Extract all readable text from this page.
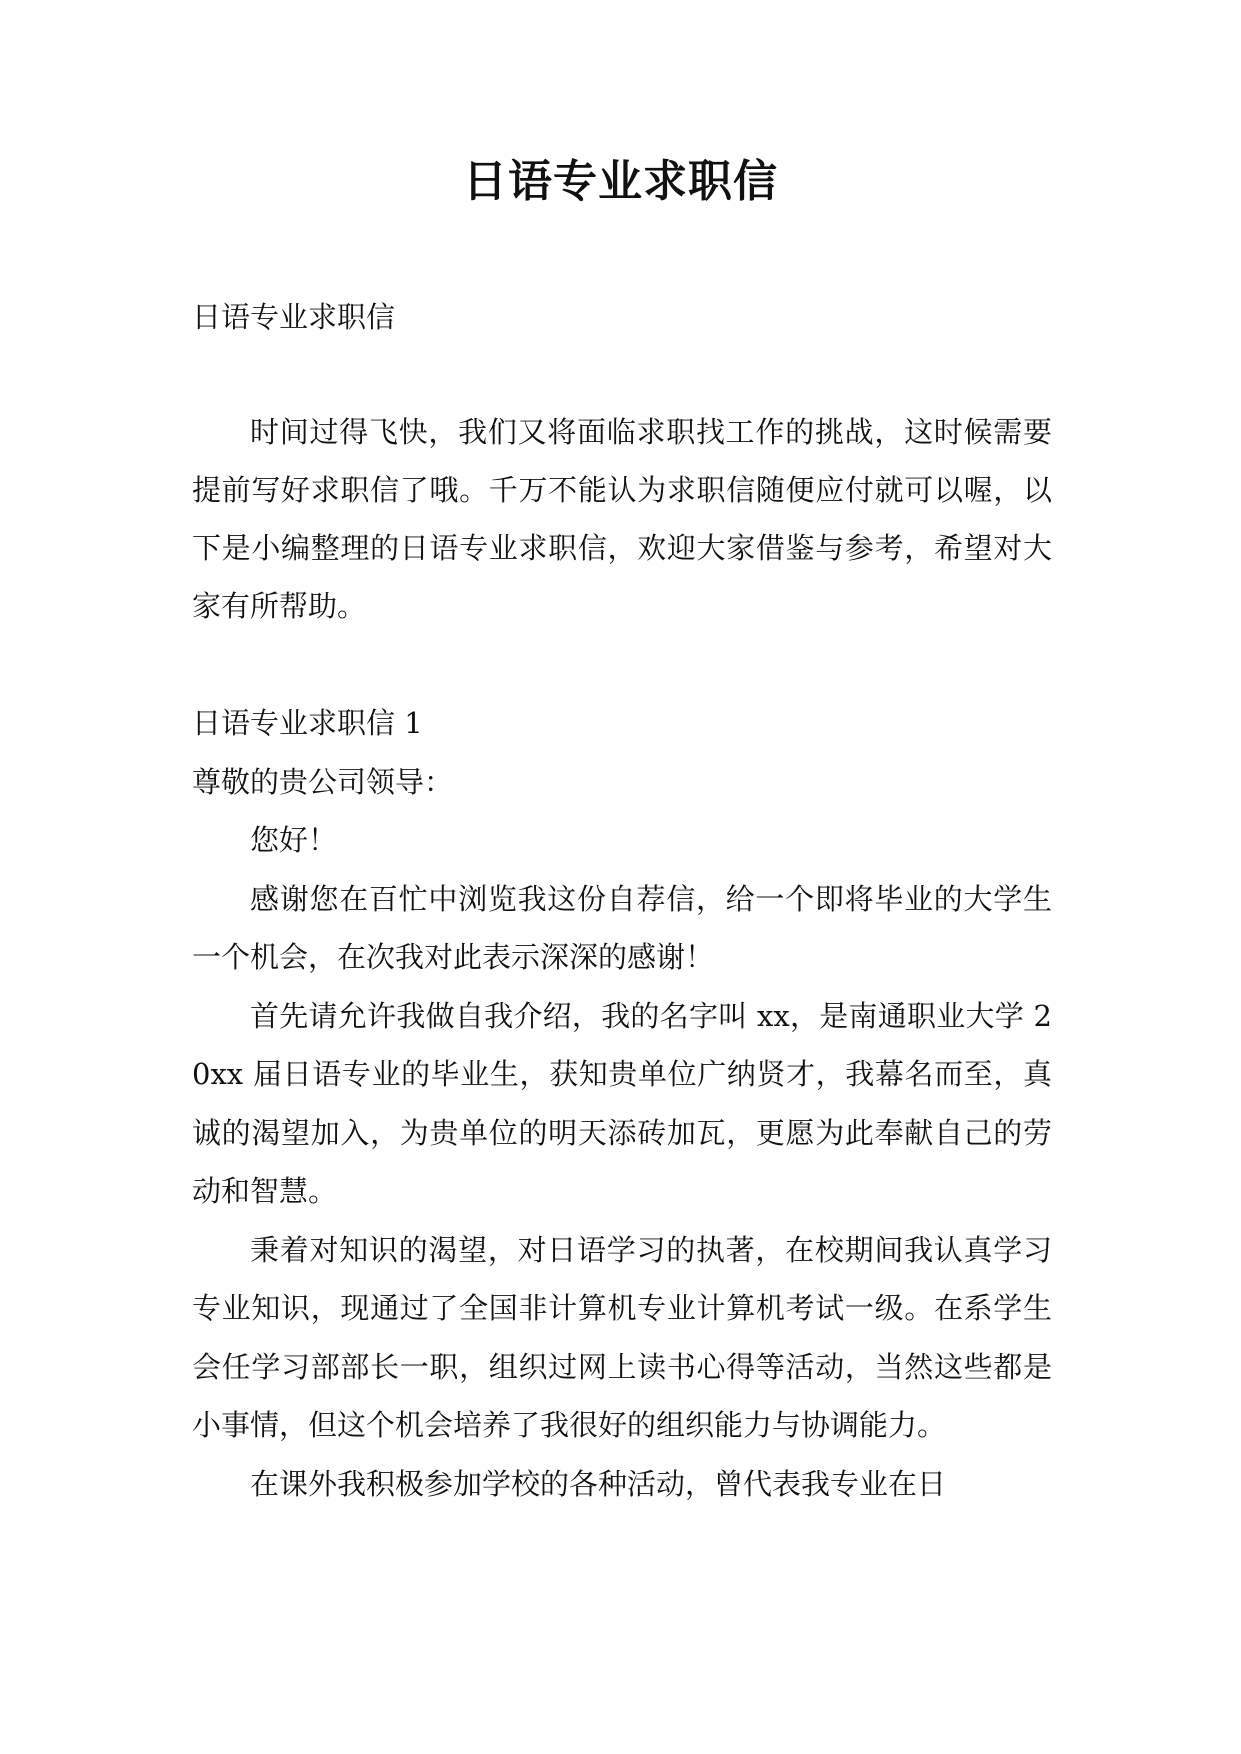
日语专业求职信

日语专业求职信

时间过得飞快，我们又将面临求职找工作的挑战，这时候需要提前写好求职信了哦。千万不能认为求职信随便应付就可以喔，以下是小编整理的日语专业求职信，欢迎大家借鉴与参考，希望对大家有所帮助。

日语专业求职信 1

尊敬的贵公司领导：

您好！

感谢您在百忙中浏览我这份自荐信，给一个即将毕业的大学生一个机会，在次我对此表示深深的感谢！

首先请允许我做自我介绍，我的名字叫 xx，是南通职业大学 20xx 届日语专业的毕业生，获知贵单位广纳贤才，我幕名而至，真诚的渴望加入，为贵单位的明天添砖加瓦，更愿为此奉献自己的劳动和智慧。

秉着对知识的渴望，对日语学习的执著，在校期间我认真学习专业知识，现通过了全国非计算机专业计算机考试一级。在系学生会任学习部部长一职，组织过网上读书心得等活动，当然这些都是小事情，但这个机会培养了我很好的组织能力与协调能力。

在课外我积极参加学校的各种活动，曾代表我专业在日
